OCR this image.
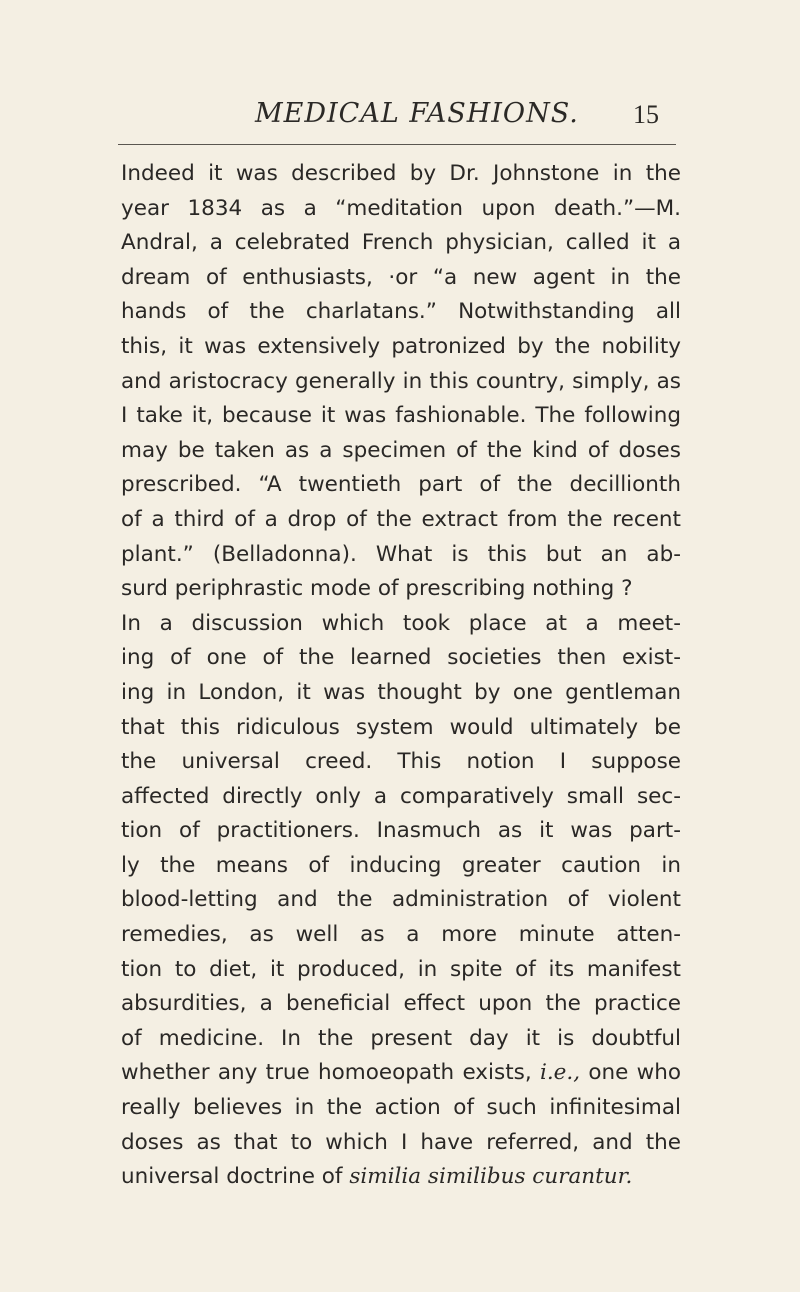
MEDICAL FASHIONS. 15
Indeed it was described by Dr. Johnstone in the
year 1834 as a “meditation upon death.”—M.
Andral, a celebrated French physician, called it a
dream of enthusiasts, ·or “a new agent in the
hands of the charlatans.” Notwithstanding all
this, it was extensively patronized by the nobility
and aristocracy generally in this country, simply, as
I take it, because it was fashionable. The following
may be taken as a specimen of the kind of doses
prescribed. “A twentieth part of the decillionth
of a third of a drop of the extract from the recent
plant.” (Belladonna). What is this but an ab-
surd periphrastic mode of prescribing nothing ?
In a discussion which took place at a meet-
ing of one of the learned societies then exist-
ing in London, it was thought by one gentleman
that this ridiculous system would ultimately be
the universal creed. This notion I suppose
affected directly only a comparatively small sec-
tion of practitioners. Inasmuch as it was part-
ly the means of inducing greater caution in
blood-letting and the administration of violent
remedies, as well as a more minute atten-
tion to diet, it produced, in spite of its manifest
absurdities, a beneficial effect upon the practice
of medicine. In the present day it is doubtful
whether any true homoeopath exists, i.e., one who
really believes in the action of such infinitesimal
doses as that to which I have referred, and the
universal doctrine of similia similibus curantur.
